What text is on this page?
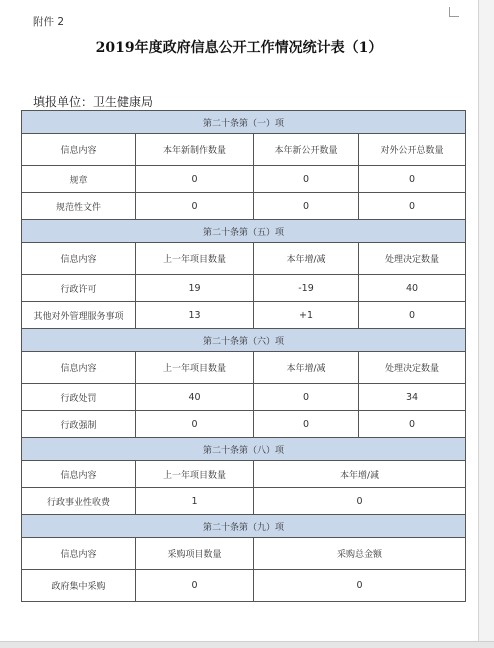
附件 2
2019年度政府信息公开工作情况统计表（1）
填报单位：卫生健康局
第二十条第（一）项			
信息内容	本年新制作数量	本年新公开数量	对外公开总数量
规章	0	0	0
规范性文件	0	0	0
第二十条第（五）项			
信息内容	上一年项目数量	本年增/减	处理决定数量
行政许可	19	-19	40
其他对外管理服务事项	13	+1	0
第二十条第（六）项			
信息内容	上一年项目数量	本年增/减	处理决定数量
行政处罚	40	0	34
行政强制	0	0	0
第二十条第（八）项			
信息内容	上一年项目数量	本年增/减	
行政事业性收费	1	0	
第二十条第（九）项			
信息内容	采购项目数量	采购总金额	
政府集中采购	0	0	
